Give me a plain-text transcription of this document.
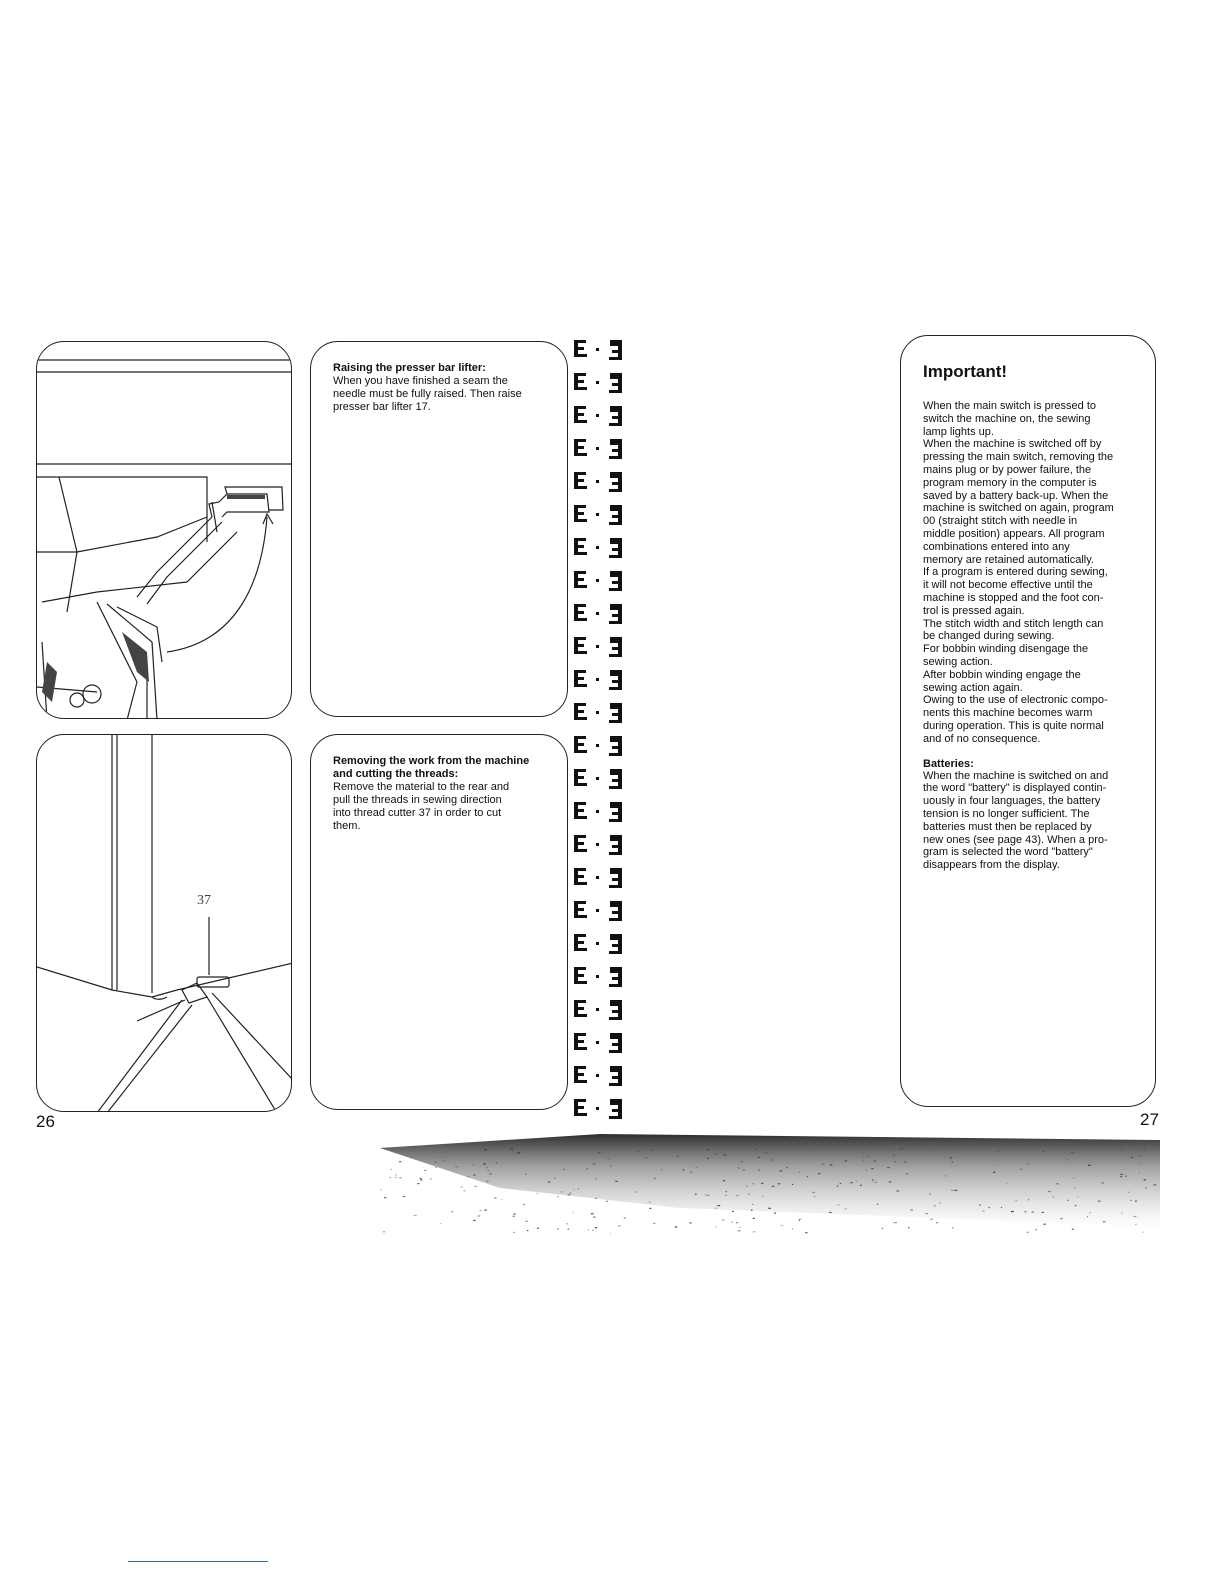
Raising the presser bar lifter:
When you have finished a seam the
needle must be fully raised. Then raise
presser bar lifter 17.
37
Removing the work from the machine
and cutting the threads:
Remove the material to the rear and
pull the threads in sewing direction
into thread cutter 37 in order to cut
them.
26
Important!
When the main switch is pressed to
switch the machine on, the sewing
lamp lights up.
When the machine is switched off by
pressing the main switch, removing the
mains plug or by power failure, the
program memory in the computer is
saved by a battery back-up. When the
machine is switched on again, program
00 (straight stitch with needle in
middle position) appears. All program
combinations entered into any
memory are retained automatically.
If a program is entered during sewing,
it will not become effective until the
machine is stopped and the foot con-
trol is pressed again.
The stitch width and stitch length can
be changed during sewing.
For bobbin winding disengage the
sewing action.
After bobbin winding engage the
sewing action again.
Owing to the use of electronic compo-
nents this machine becomes warm
during operation. This is quite normal
and of no consequence.
Batteries:
When the machine is switched on and
the word "battery" is displayed contin-
uously in four languages, the battery
tension is no longer sufficient. The
batteries must then be replaced by
new ones (see page 43). When a pro-
gram is selected the word "battery"
disappears from the display.
27
